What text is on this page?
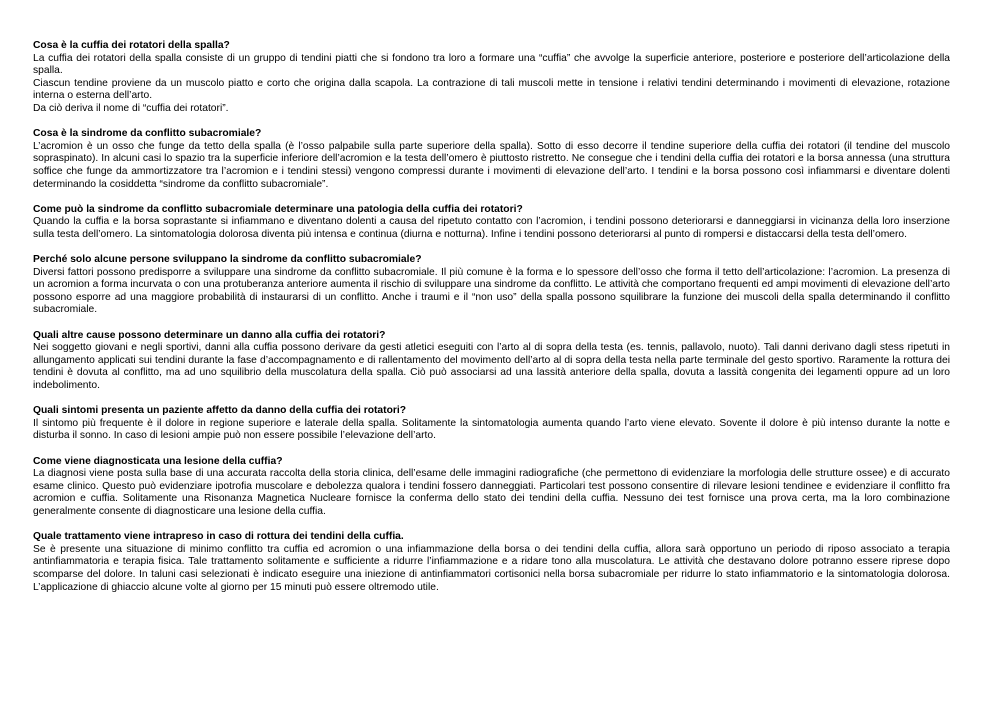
Cosa è la cuffia dei rotatori della spalla?

La cuffia dei rotatori della spalla consiste di un gruppo di tendini piatti che si fondono tra loro a formare una “cuffia” che avvolge la superficie anteriore, posteriore e posteriore dell’articolazione della spalla.

Ciascun tendine proviene da un muscolo piatto e corto che origina dalla scapola. La contrazione di tali muscoli mette in tensione i relativi tendini determinando i movimenti di elevazione, rotazione interna o esterna dell’arto.

Da ciò deriva il nome di “cuffia dei rotatori”.

Cosa è la sindrome da conflitto subacromiale?

L’acromion è un osso che funge da tetto della spalla (è l’osso palpabile sulla parte superiore della spalla). Sotto di esso decorre il tendine superiore della cuffia dei rotatori (il tendine del muscolo sopraspinato). In alcuni casi lo spazio tra la superficie inferiore dell’acromion e la testa dell’omero è piuttosto ristretto. Ne consegue che i tendini della cuffia dei rotatori e la borsa annessa (una struttura soffice che funge da ammortizzatore tra l’acromion e i tendini stessi) vengono compressi durante i movimenti di elevazione dell’arto. I tendini e la borsa possono così infiammarsi e diventare dolenti determinando la cosiddetta “sindrome da conflitto subacromiale”.

Come può la sindrome da conflitto subacromiale determinare una patologia della cuffia dei rotatori?

Quando la cuffia e la borsa soprastante si infiammano e diventano dolenti a causa del ripetuto contatto con l’acromion, i tendini possono deteriorarsi e danneggiarsi in vicinanza della loro inserzione sulla testa dell’omero. La sintomatologia dolorosa diventa più intensa e continua (diurna e notturna). Infine i tendini possono deteriorarsi al punto di rompersi e distaccarsi della testa dell’omero.

Perché solo alcune persone sviluppano la sindrome da conflitto subacromiale?

Diversi fattori possono predisporre a sviluppare una sindrome da conflitto subacromiale. Il più comune è la forma e lo spessore dell’osso che forma il tetto dell’articolazione: l’acromion. La presenza di un acromion a forma incurvata o con una protuberanza anteriore aumenta il rischio di sviluppare una sindrome da conflitto. Le attività che comportano frequenti ed ampi movimenti di elevazione dell’arto possono esporre ad una maggiore probabilità di instaurarsi di un conflitto. Anche i traumi e il “non uso” della spalla possono squilibrare la funzione dei muscoli della spalla determinando il conflitto subacromiale.

Quali altre cause possono determinare un danno alla cuffia dei rotatori?

Nei soggetto giovani e negli sportivi, danni alla cuffia possono derivare da gesti atletici eseguiti con l’arto al di sopra della testa (es. tennis, pallavolo, nuoto). Tali danni derivano dagli stess ripetuti in allungamento applicati sui tendini durante la fase d’accompagnamento e di rallentamento del movimento dell’arto al di sopra della testa nella parte terminale del gesto sportivo. Raramente la rottura dei tendini è dovuta al conflitto, ma ad uno squilibrio della muscolatura della spalla. Ciò può associarsi ad una lassità anteriore della spalla, dovuta a lassità congenita dei legamenti oppure ad un loro indebolimento.

Quali sintomi presenta un paziente affetto da danno della cuffia dei rotatori?

Il sintomo più frequente è il dolore in regione superiore e laterale della spalla. Solitamente la sintomatologia aumenta quando l’arto viene elevato. Sovente il dolore è più intenso durante la notte e disturba il sonno. In caso di lesioni ampie può non essere possibile l’elevazione dell’arto.

Come viene diagnosticata una lesione della cuffia?

La diagnosi viene posta sulla base di una accurata raccolta della storia clinica, dell’esame delle immagini radiografiche (che permettono di evidenziare la morfologia delle strutture ossee) e di accurato esame clinico. Questo può evidenziare ipotrofia muscolare e debolezza qualora i tendini fossero danneggiati. Particolari test possono consentire di rilevare lesioni tendinee e evidenziare il conflitto fra acromion e cuffia. Solitamente una Risonanza Magnetica Nucleare fornisce la conferma dello stato dei tendini della cuffia. Nessuno dei test fornisce una prova certa, ma la loro combinazione generalmente consente di diagnosticare una lesione della cuffia.

Quale trattamento viene intrapreso in caso di rottura dei tendini della cuffia.

Se è presente una situazione di minimo conflitto tra cuffia ed acromion o una infiammazione della borsa o dei tendini della cuffia, allora sarà opportuno un periodo di riposo associato a terapia antinfiammatoria e terapia fisica. Tale trattamento solitamente e sufficiente a ridurre l’infiammazione e a ridare tono alla muscolatura. Le attività che destavano dolore potranno essere riprese dopo scomparse del dolore. In taluni casi selezionati è indicato eseguire una iniezione di antinfiammatori cortisonici nella borsa subacromiale per ridurre lo stato infiammatorio e la sintomatologia dolorosa. L’applicazione di ghiaccio alcune volte al giorno per 15 minuti può essere oltremodo utile.
